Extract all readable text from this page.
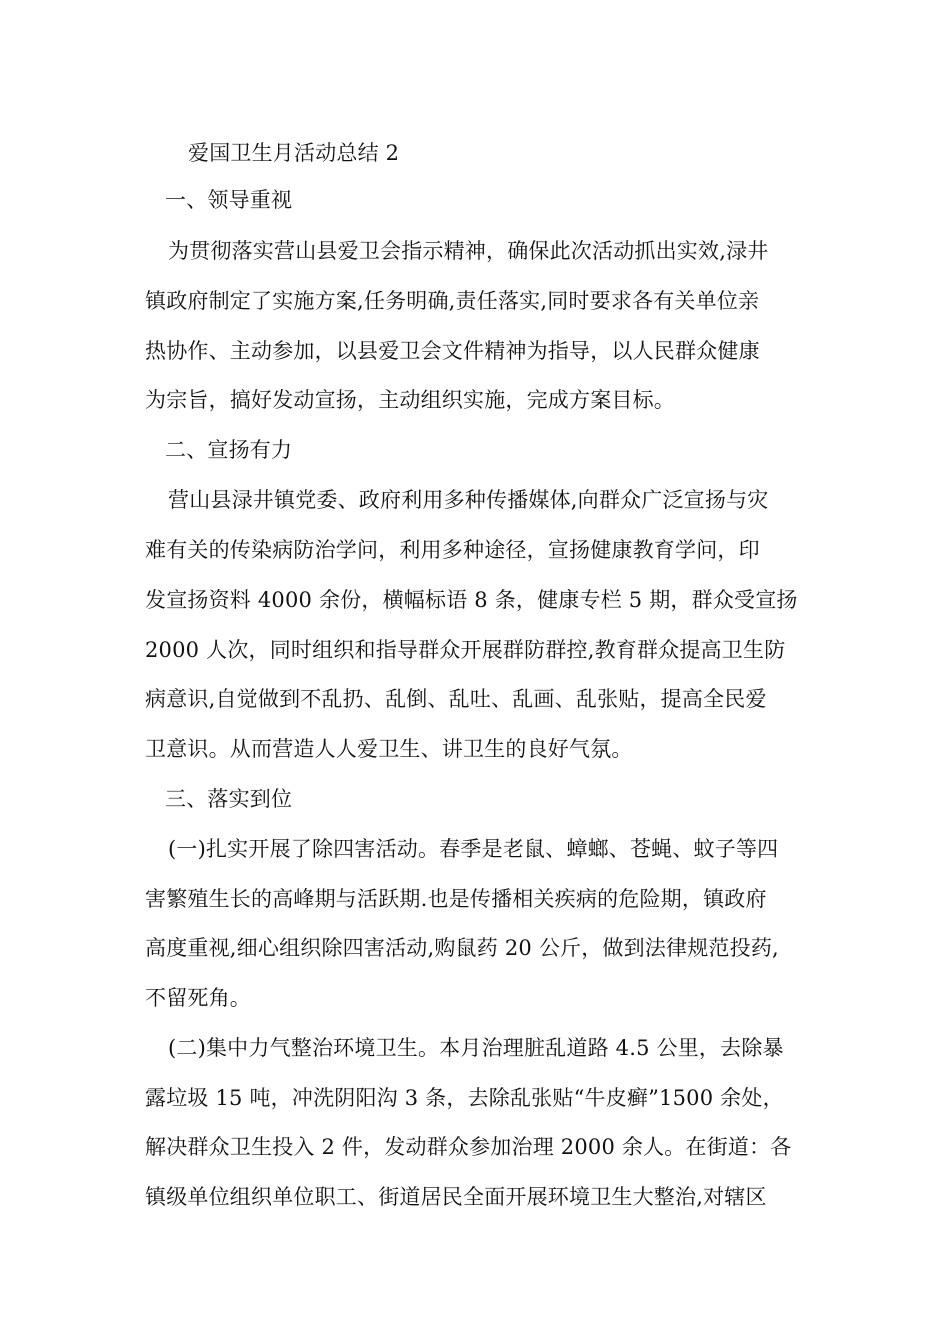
爱国卫生月活动总结 2
一、领导重视
为贯彻落实营山县爱卫会指示精神，确保此次活动抓出实效,渌井
镇政府制定了实施方案,任务明确,责任落实,同时要求各有关单位亲
热协作、主动参加，以县爱卫会文件精神为指导，以人民群众健康
为宗旨，搞好发动宣扬，主动组织实施，完成方案目标。
二、宣扬有力
营山县渌井镇党委、政府利用多种传播媒体,向群众广泛宣扬与灾
难有关的传染病防治学问，利用多种途径，宣扬健康教育学问，印
发宣扬资料 4000 余份，横幅标语 8 条，健康专栏 5 期，群众受宣扬
2000 人次，同时组织和指导群众开展群防群控,教育群众提高卫生防
病意识,自觉做到不乱扔、乱倒、乱吐、乱画、乱张贴，提高全民爱
卫意识。从而营造人人爱卫生、讲卫生的良好气氛。
三、落实到位
(一)扎实开展了除四害活动。春季是老鼠、蟑螂、苍蝇、蚊子等四
害繁殖生长的高峰期与活跃期.也是传播相关疾病的危险期，镇政府
高度重视,细心组织除四害活动,购鼠药 20 公斤，做到法律规范投药,
不留死角。
(二)集中力气整治环境卫生。本月治理脏乱道路 4.5 公里，去除暴
露垃圾 15 吨，冲洗阴阳沟 3 条，去除乱张贴“牛皮癣”1500 余处，
解决群众卫生投入 2 件，发动群众参加治理 2000 余人。在街道：各
镇级单位组织单位职工、街道居民全面开展环境卫生大整治,对辖区
